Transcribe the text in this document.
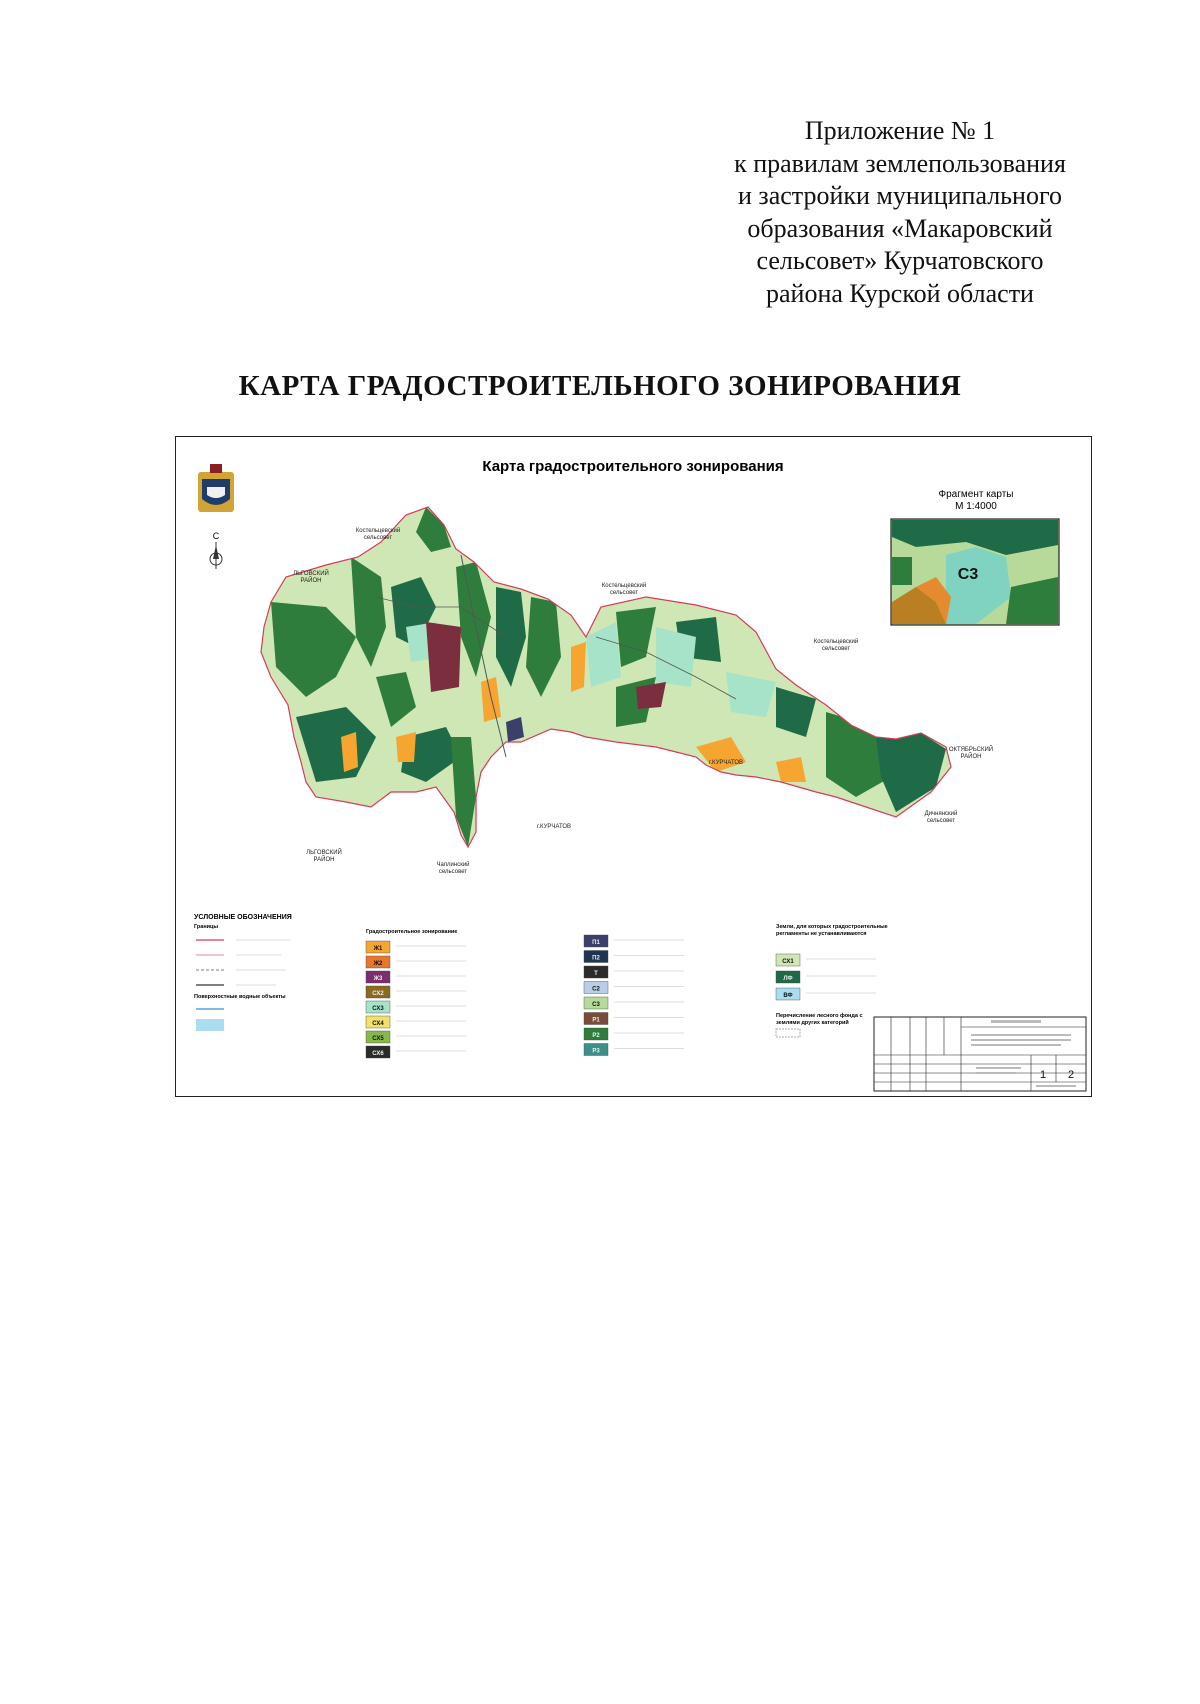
Приложение № 1
к правилам землепользования
и застройки муниципального
образования «Макаровский
сельсовет» Курчатовского
района Курской области
КАРТА ГРАДОСТРОИТЕЛЬНОГО ЗОНИРОВАНИЯ
Карта градостроительного зонирования
С
Фрагмент карты
М 1:4000
С3
Костельцевский сельсовет
ЛЬГОВСКИЙ РАЙОН
Костельцевский сельсовет
Костельцевский сельсовет
ОКТЯБРЬСКИЙ РАЙОН
г.КУРЧАТОВ
Дичнянский сельсовет
г.КУРЧАТОВ
ЛЬГОВСКИЙ РАЙОН
Чаплинский сельсовет
УСЛОВНЫЕ ОБОЗНАЧЕНИЯ
Границы
Поверхностные водные объекты
Градостроительное зонирование
Ж1
Ж2
Ж3
СХ2
СХ3
СХ4
СХ5
СХ6
П1
П2
Т
С2
С3
Р1
Р2
Р3
Земли, для которых градостроительные регламенты не устанавливаются
СХ1
ЛФ
ВФ
Перечисление лесного фонда с землями других категорий
1 2
